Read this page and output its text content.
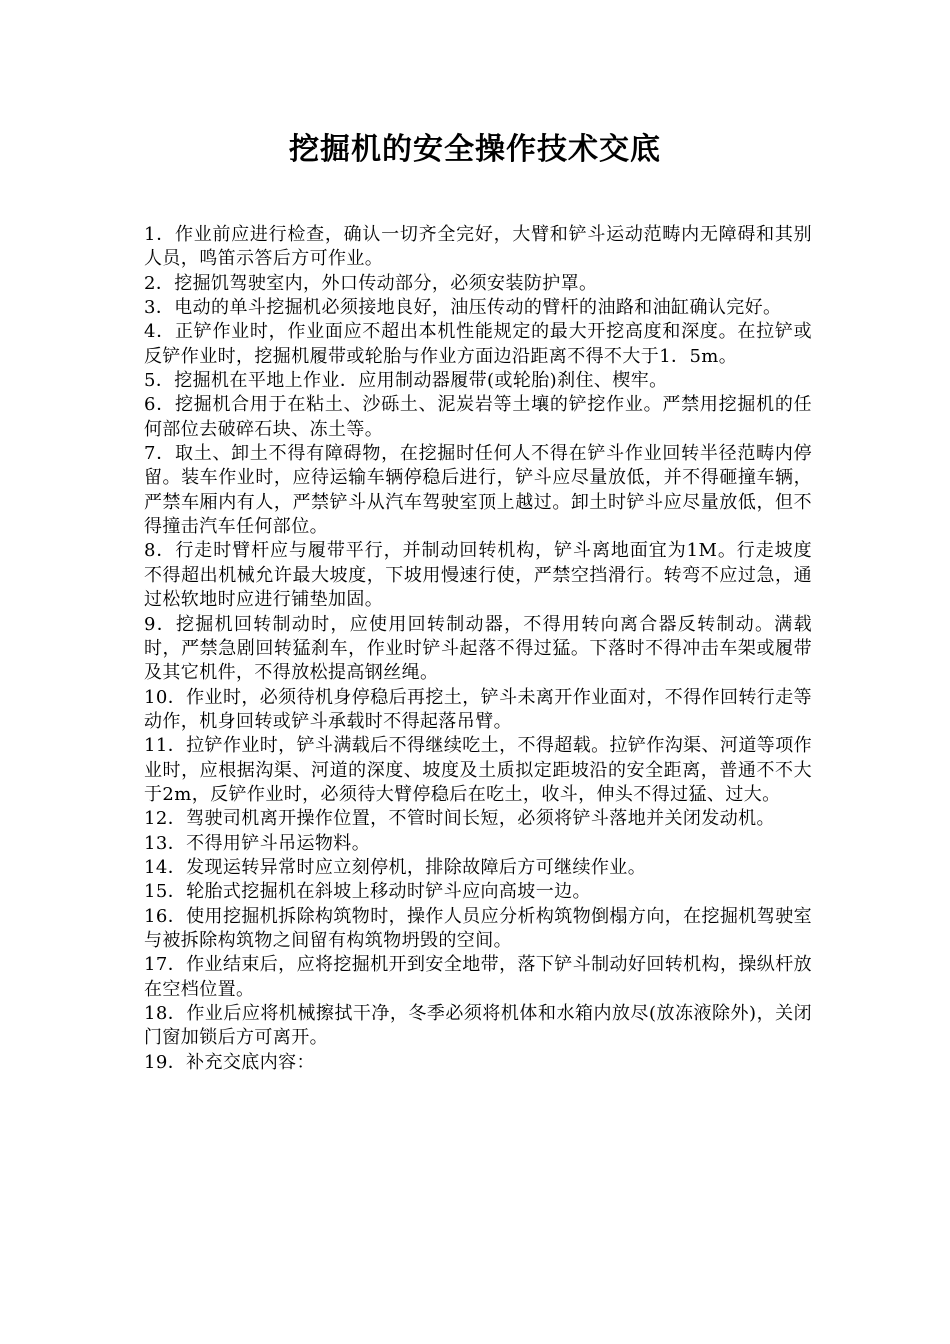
挖掘机的安全操作技术交底
1．作业前应进行检查，确认一切齐全完好，大臂和铲斗运动范畴内无障碍和其别人员，鸣笛示答后方可作业。
2．挖掘饥驾驶室内，外口传动部分，必须安装防护罩。
3．电动的单斗挖掘机必须接地良好，油压传动的臂杆的油路和油缸确认完好。
4．正铲作业时，作业面应不超出本机性能规定的最大开挖高度和深度。在拉铲或反铲作业时，挖掘机履带或轮胎与作业方面边沿距离不得不大于1．5m。
5．挖掘机在平地上作业．应用制动器履带(或轮胎)刹住、楔牢。
6．挖掘机合用于在粘土、沙砾土、泥炭岩等土壤的铲挖作业。严禁用挖掘机的任何部位去破碎石块、冻土等。
7．取土、卸土不得有障碍物，在挖掘时任何人不得在铲斗作业回转半径范畴内停留。装车作业时，应待运输车辆停稳后进行，铲斗应尽量放低，并不得砸撞车辆，严禁车厢内有人，严禁铲斗从汽车驾驶室顶上越过。卸土时铲斗应尽量放低，但不得撞击汽车任何部位。
8．行走时臂杆应与履带平行，并制动回转机构，铲斗离地面宜为1M。行走坡度不得超出机械允许最大坡度，下坡用慢速行使，严禁空挡滑行。转弯不应过急，通过松软地时应进行铺垫加固。
9．挖掘机回转制动时，应使用回转制动器，不得用转向离合器反转制动。满载时，严禁急剧回转猛刹车，作业时铲斗起落不得过猛。下落时不得冲击车架或履带及其它机件，不得放松提高钢丝绳。
10．作业时，必须待机身停稳后再挖土，铲斗未离开作业面对，不得作回转行走等动作，机身回转或铲斗承载时不得起落吊臂。
11．拉铲作业时，铲斗满载后不得继续吃土，不得超载。拉铲作沟渠、河道等项作业时，应根据沟渠、河道的深度、坡度及土质拟定距坡沿的安全距离，普通不不大于2m，反铲作业时，必须待大臂停稳后在吃土，收斗，伸头不得过猛、过大。
12．驾驶司机离开操作位置，不管时间长短，必须将铲斗落地并关闭发动机。
13．不得用铲斗吊运物料。
14．发现运转异常时应立刻停机，排除故障后方可继续作业。
15．轮胎式挖掘机在斜坡上移动时铲斗应向高坡一边。
16．使用挖掘机拆除构筑物时，操作人员应分析构筑物倒榻方向，在挖掘机驾驶室与被拆除构筑物之间留有构筑物坍毁的空间。
17．作业结束后，应将挖掘机开到安全地带，落下铲斗制动好回转机构，操纵杆放在空档位置。
18．作业后应将机械擦拭干净，冬季必须将机体和水箱内放尽(放冻液除外)，关闭门窗加锁后方可离开。
19．补充交底内容：
